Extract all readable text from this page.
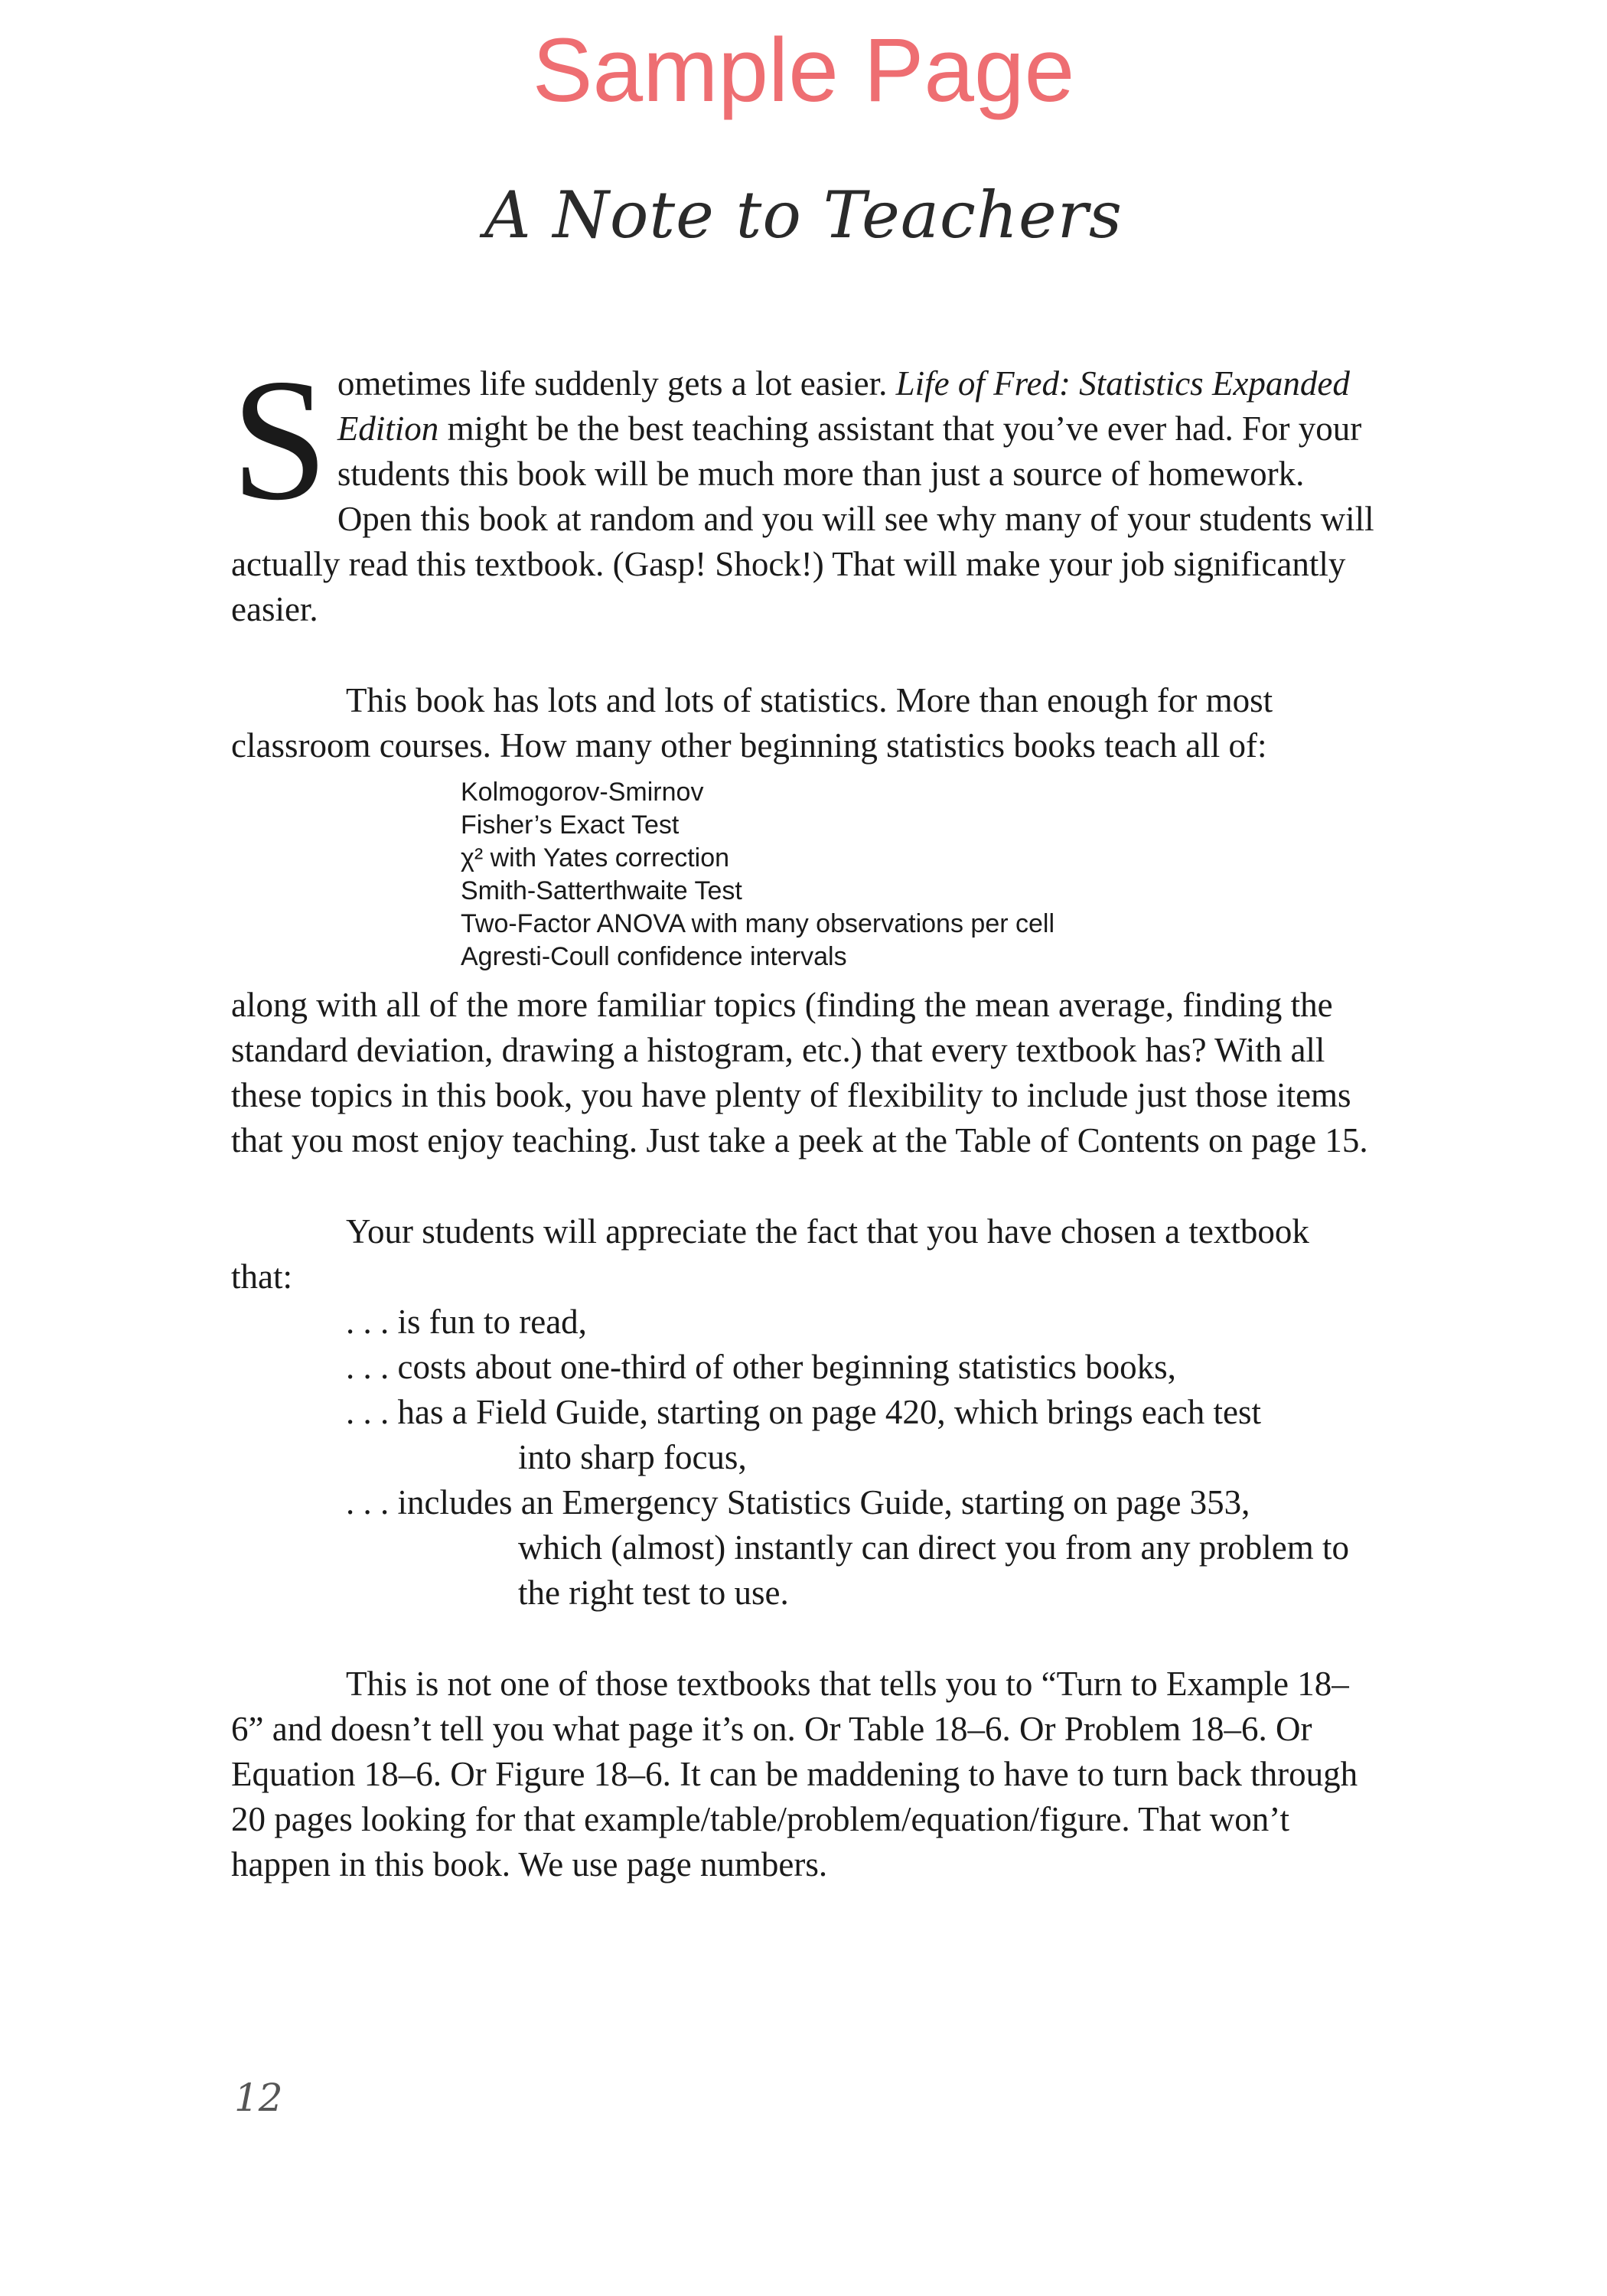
Sample Page
A Note to Teachers

Sometimes life suddenly gets a lot easier. Life of Fred: Statistics Expanded Edition might be the best teaching assistant that you’ve ever had. For your students this book will be much more than just a source of homework. Open this book at random and you will see why many of your students will actually read this textbook. (Gasp! Shock!) That will make your job significantly easier.

This book has lots and lots of statistics. More than enough for most classroom courses. How many other beginning statistics books teach all of:

Kolmogorov-Smirnov
Fisher’s Exact Test
χ² with Yates correction
Smith-Satterthwaite Test
Two-Factor ANOVA with many observations per cell
Agresti-Coull confidence intervals

along with all of the more familiar topics (finding the mean average, finding the standard deviation, drawing a histogram, etc.) that every textbook has? With all these topics in this book, you have plenty of flexibility to include just those items that you most enjoy teaching. Just take a peek at the Table of Contents on page 15.

Your students will appreciate the fact that you have chosen a textbook that:

. . . is fun to read,
. . . costs about one-third of other beginning statistics books,
. . . has a Field Guide, starting on page 420, which brings each test
into sharp focus,
. . . includes an Emergency Statistics Guide, starting on page 353,
which (almost) instantly can direct you from any problem to the right test to use.

This is not one of those textbooks that tells you to “Turn to Example 18–6” and doesn’t tell you what page it’s on. Or Table 18–6. Or Problem 18–6. Or Equation 18–6. Or Figure 18–6. It can be maddening to have to turn back through 20 pages looking for that example/table/problem/equation/figure. That won’t happen in this book. We use page numbers.

12
